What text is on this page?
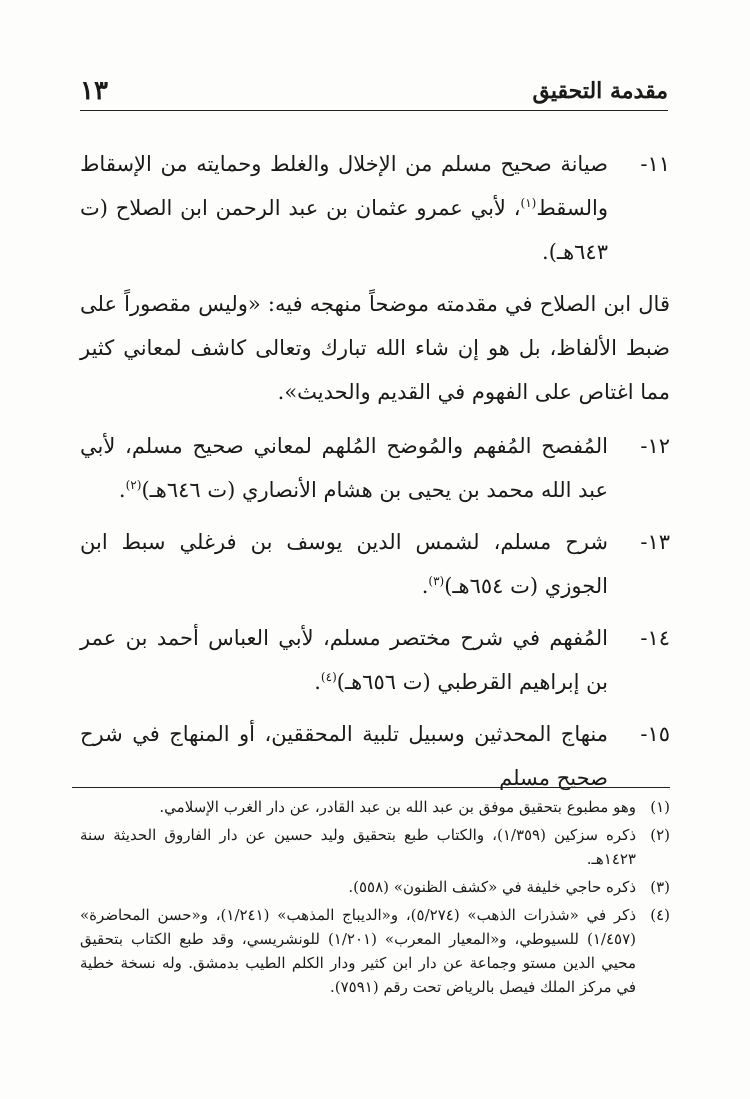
مقدمة التحقيق
١٣
١١-
صيانة صحيح مسلم من الإخلال والغلط وحمايته من الإسقاط والسقط$^{(١)}$، لأبي عمرو عثمان بن عبد الرحمن ابن الصلاح (ت ٦٤٣هـ).
قال ابن الصلاح في مقدمته موضحاً منهجه فيه: «وليس مقصوراً على ضبط الألفاظ، بل هو إن شاء الله تبارك وتعالى كاشف لمعاني كثير مما اغتاص على الفهوم في القديم والحديث».
١٢-
المُفصح المُفهم والمُوضح المُلهم لمعاني صحيح مسلم، لأبي عبد الله محمد بن يحيى بن هشام الأنصاري (ت ٦٤٦هـ)$^{(٢)}$.
١٣-
شرح مسلم، لشمس الدين يوسف بن فرغلي سبط ابن الجوزي (ت ٦٥٤هـ)$^{(٣)}$.
١٤-
المُفهم في شرح مختصر مسلم، لأبي العباس أحمد بن عمر بن إبراهيم القرطبي (ت ٦٥٦هـ)$^{(٤)}$.
١٥-
منهاج المحدثين وسبيل تلبية المحققين، أو المنهاج في شرح صحيح مسلم
(١)
وهو مطبوع بتحقيق موفق بن عبد الله بن عبد القادر، عن دار الغرب الإسلامي.
(٢)
ذكره سزكين (١/٣٥٩)، والكتاب طبع بتحقيق وليد حسين عن دار الفاروق الحديثة سنة ١٤٢٣هـ.
(٣)
ذكره حاجي خليفة في «كشف الظنون» (٥٥٨).
(٤)
ذكر في «شذرات الذهب» (٥/٢٧٤)، و«الديباج المذهب» (١/٢٤١)، و«حسن المحاضرة» (١/٤٥٧) للسيوطي، و«المعيار المعرب» (١/٢٠١) للونشريسي، وقد طبع الكتاب بتحقيق محيي الدين مستو وجماعة عن دار ابن كثير ودار الكلم الطيب بدمشق. وله نسخة خطية في مركز الملك فيصل بالرياض تحت رقم (٧٥٩١).
